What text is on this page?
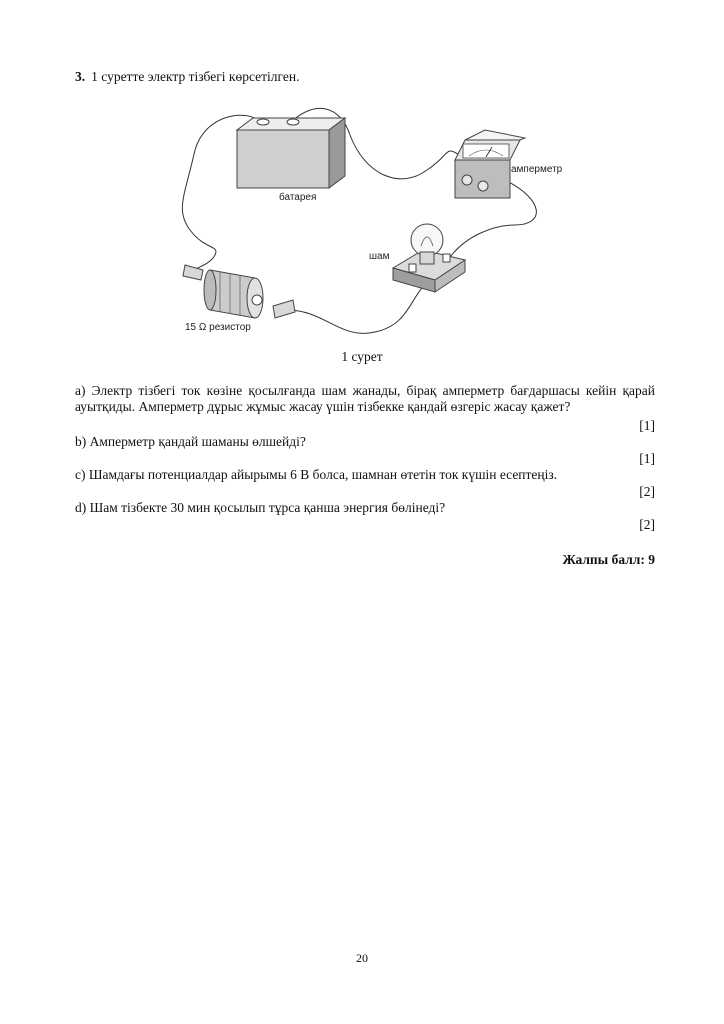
3. 1 суретте электр тізбегі көрсетілген.
батарея
амперметр
шам
15 Ω резистор
1 сурет
a) Электр тізбегі ток көзіне қосылғанда шам жанады, бірақ амперметр бағдаршасы кейін қарай ауытқиды. Амперметр дұрыс жұмыс жасау үшін тізбекке қандай өзгеріс жасау қажет?
[1]
b) Амперметр қандай шаманы өлшейді?
[1]
c) Шамдағы потенциалдар айырымы 6 В болса, шамнан өтетін ток күшін есептеңіз.
[2]
d) Шам тізбекте 30 мин қосылып тұрса қанша энергия бөлінеді?
[2]
Жалпы балл: 9
20
